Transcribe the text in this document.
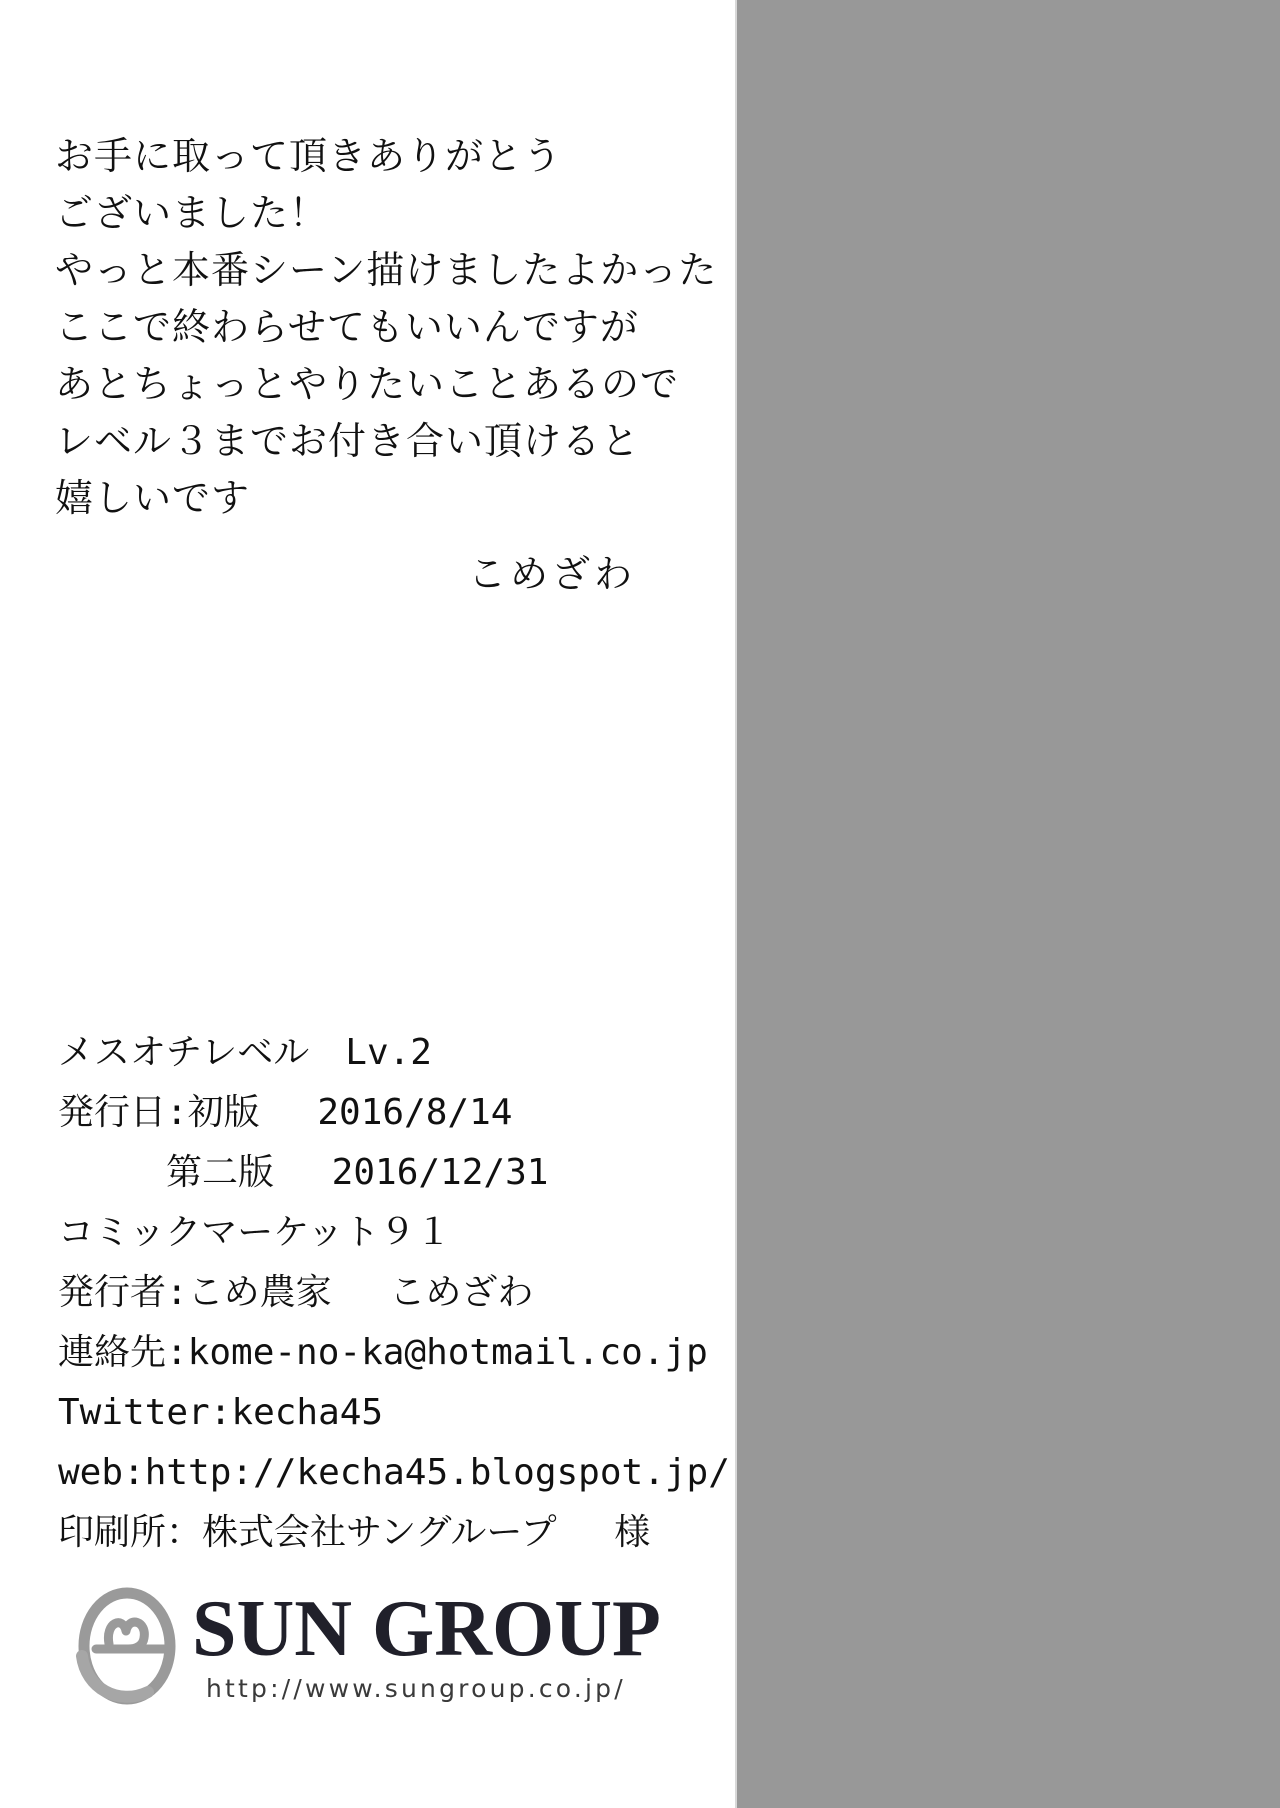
お手に取って頂きありがとう
ございました！
やっと本番シーン描けましたよかった
ここで終わらせてもいいんですが
あとちょっとやりたいことあるので
レベル３までお付き合い頂けると
嬉しいです
こめざわ
メスオチレベル　Lv.2
発行日:初版　 2016/8/14
　　　第二版　 2016/12/31
コミックマーケット９１
発行者:こめ農家　 こめざわ
連絡先:kome-no-ka@hotmail.co.jp
Twitter:kecha45
web:http://kecha45.blogspot.jp/
印刷所：株式会社サングループ　 様
SUN GROUP
http://www.sungroup.co.jp/
